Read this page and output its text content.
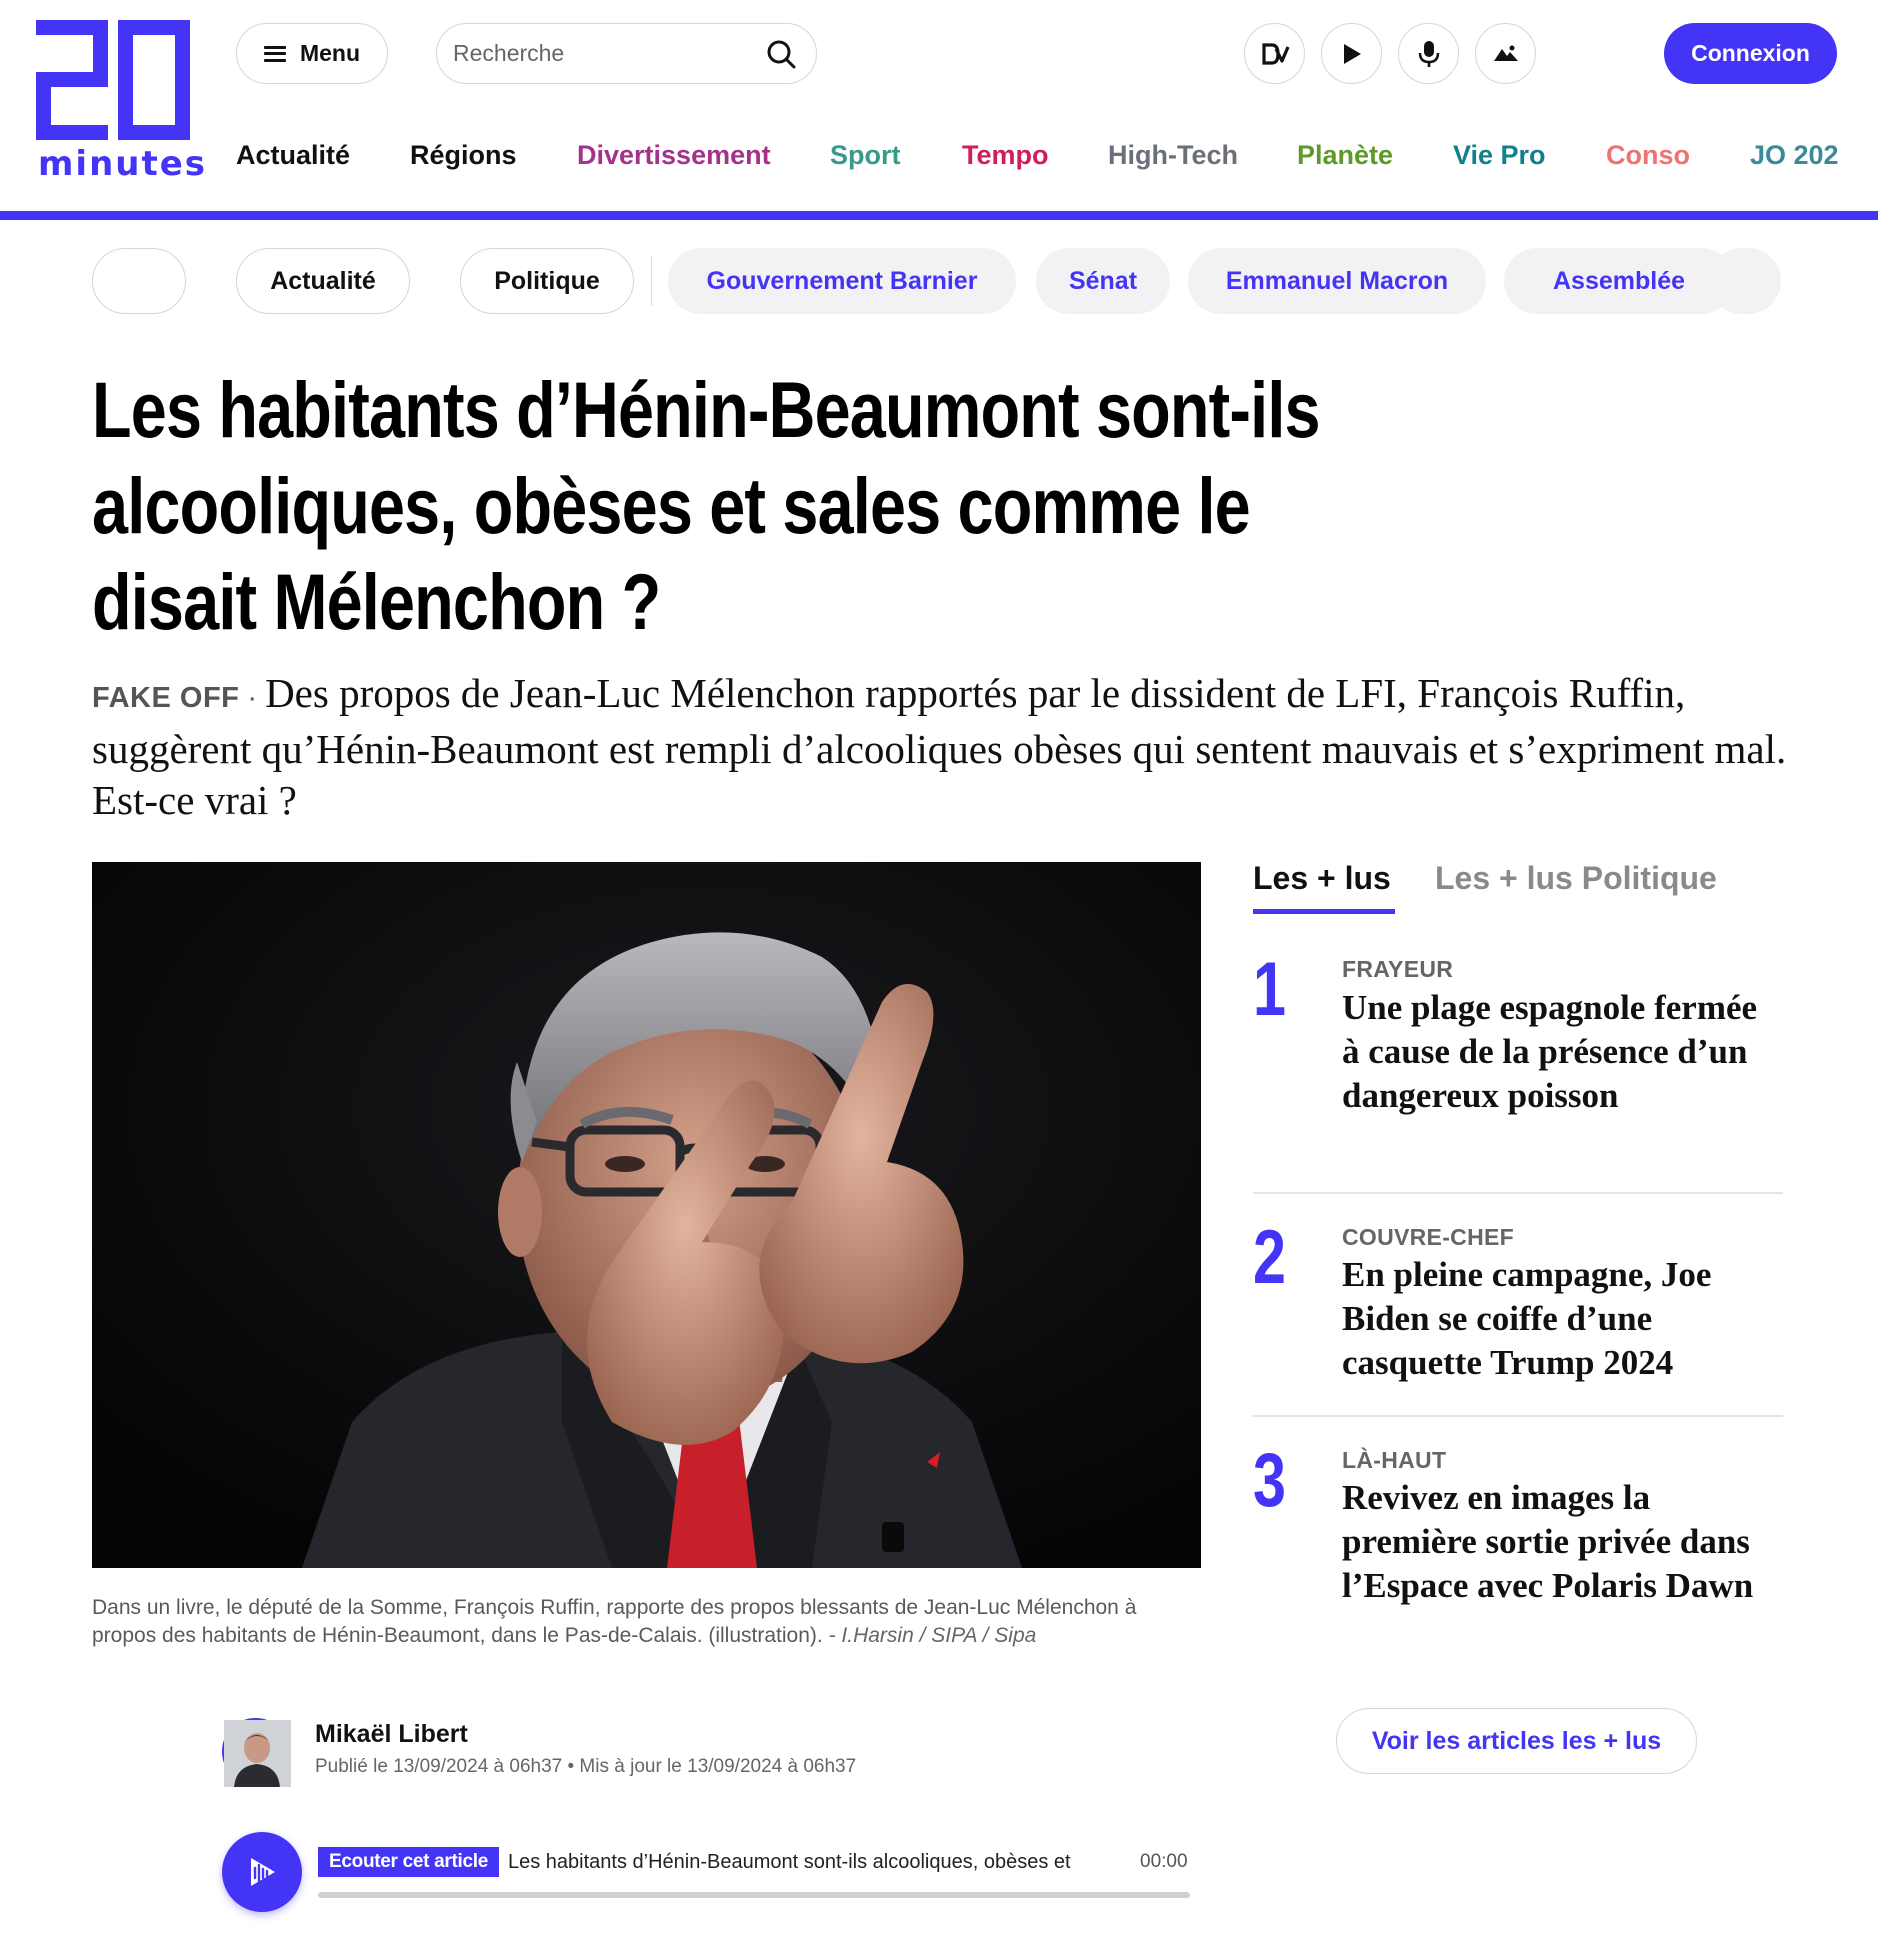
minutes
Menu
Recherche	Connexion
Actualité Régions Divertissement Sport Tempo High-Tech Planète Vie Pro Conso JO 202
Actualité	Politique	Gouvernement Barnier	Sénat	Emmanuel Macron	Assemblée
Les habitants d’Hénin-Beaumont sont-ils alcooliques, obèses et sales comme le disait Mélenchon ?

FAKE OFF · Des propos de Jean-Luc Mélenchon rapportés par le dissident de LFI, François Ruffin, suggèrent qu’Hénin-Beaumont est rempli d’alcooliques obèses qui sentent mauvais et s’expriment mal. Est-ce vrai ?

Dans un livre, le député de la Somme, François Ruffin, rapporte des propos blessants de Jean-Luc Mélenchon à propos des habitants de Hénin-Beaumont, dans le Pas-de-Calais. (illustration). - I.Harsin / SIPA / Sipa

Mikaël Libert
Publié le 13/09/2024 à 06h37 • Mis à jour le 13/09/2024 à 06h37
Ecouter cet article Les habitants d’Hénin-Beaumont sont-ils alcooliques, obèses et	00:00
Les + lus Les + lus Politique
1 FRAYEUR
Une plage espagnole fermée à cause de la présence d’un dangereux poisson
2 COUVRE-CHEF
En pleine campagne, Joe Biden se coiffe d’une casquette Trump 2024
3 LÀ-HAUT
Revivez en images la première sortie privée dans l’Espace avec Polaris Dawn
Voir les articles les + lus
